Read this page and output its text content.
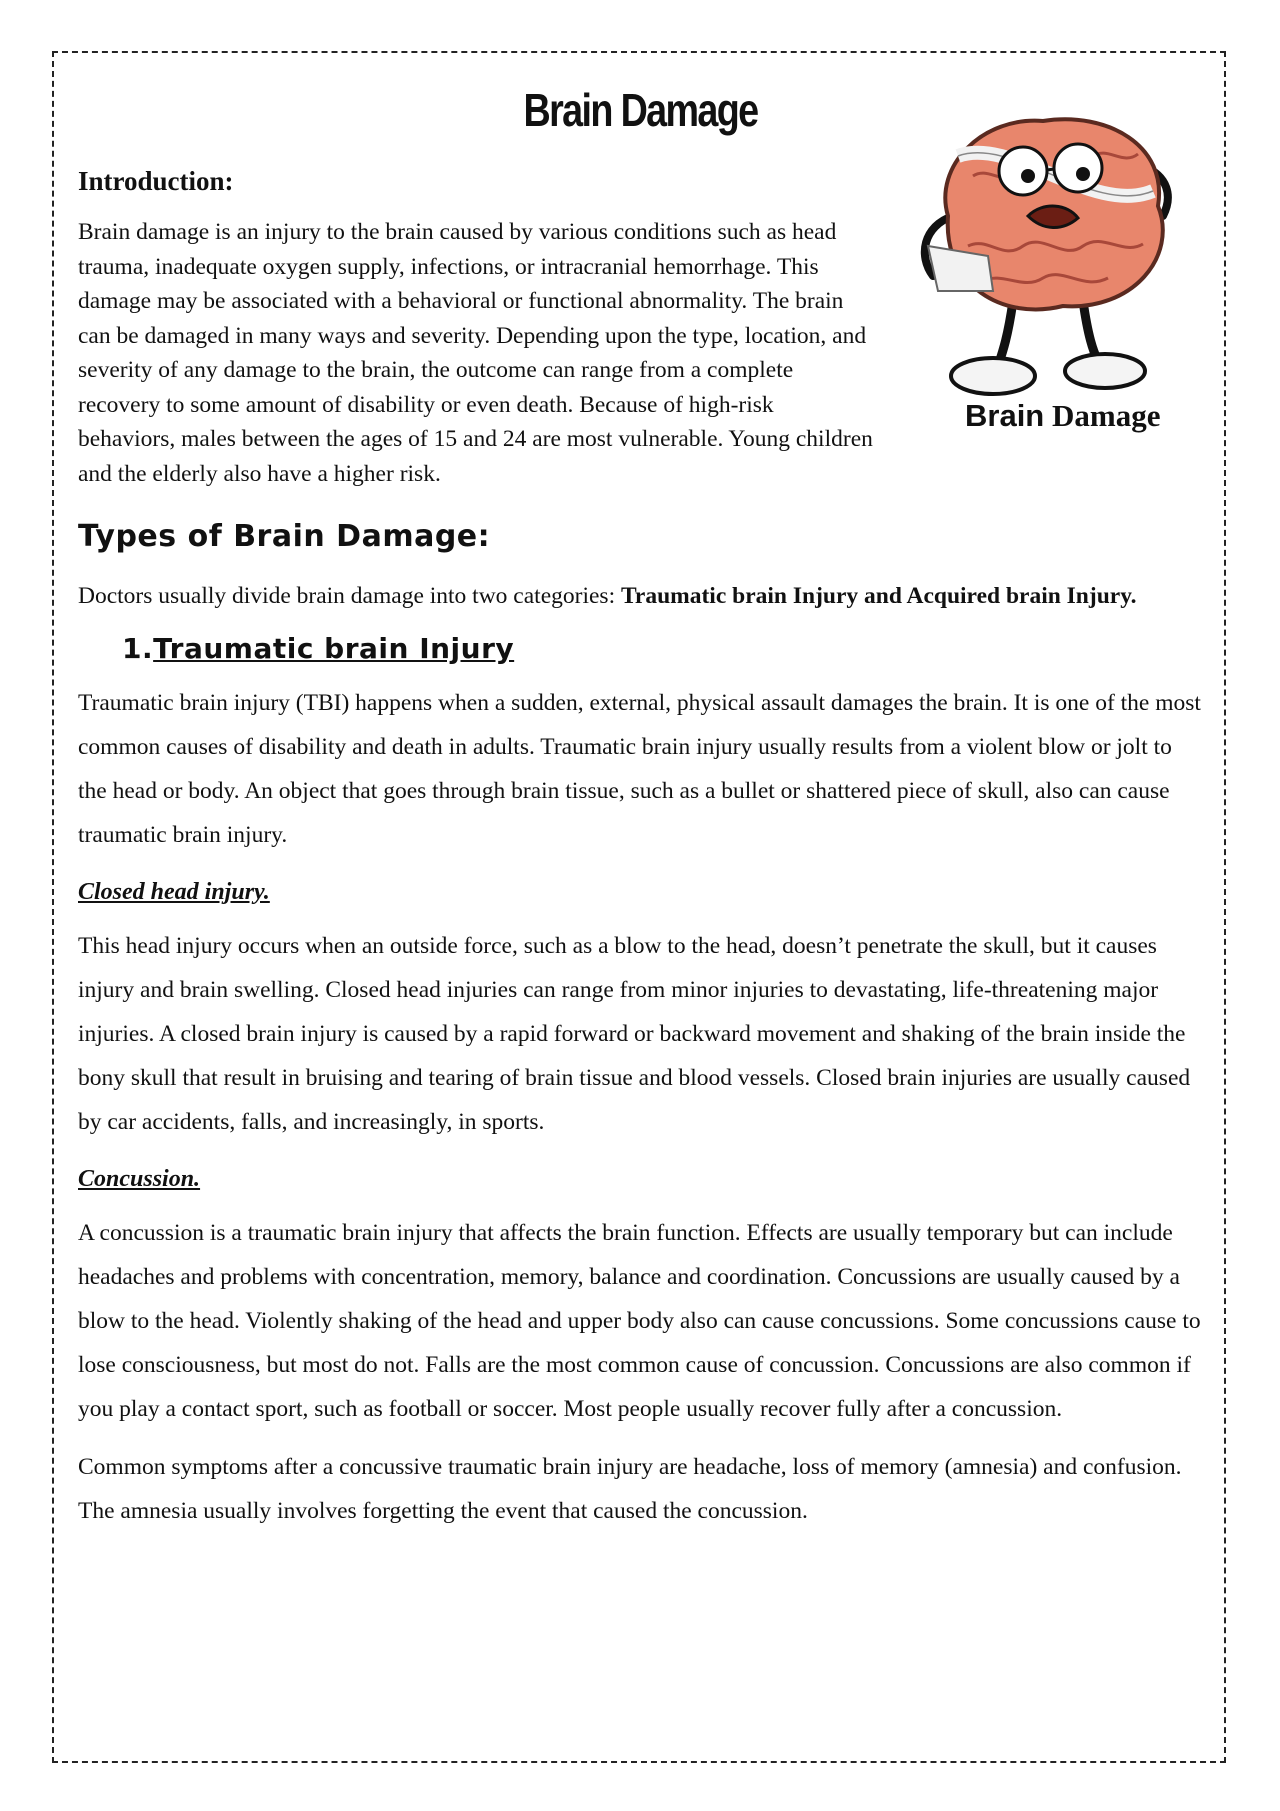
Brain Damage
Brain Damage
Introduction:

Brain damage is an injury to the brain caused by various conditions such as head trauma, inadequate oxygen supply, infections, or intracranial hemorrhage. This damage may be associated with a behavioral or functional abnormality. The brain can be damaged in many ways and severity. Depending upon the type, location, and severity of any damage to the brain, the outcome can range from a complete recovery to some amount of disability or even death. Because of high-risk behaviors, males between the ages of 15 and 24 are most vulnerable. Young children and the elderly also have a higher risk.

Types of Brain Damage:

Doctors usually divide brain damage into two categories: Traumatic brain Injury and Acquired brain Injury.

1.Traumatic brain Injury

Traumatic brain injury (TBI) happens when a sudden, external, physical assault damages the brain. It is one of the most common causes of disability and death in adults. Traumatic brain injury usually results from a violent blow or jolt to the head or body. An object that goes through brain tissue, such as a bullet or shattered piece of skull, also can cause traumatic brain injury.

Closed head injury.

This head injury occurs when an outside force, such as a blow to the head, doesn’t penetrate the skull, but it causes injury and brain swelling. Closed head injuries can range from minor injuries to devastating, life-threatening major injuries. A closed brain injury is caused by a rapid forward or backward movement and shaking of the brain inside the bony skull that result in bruising and tearing of brain tissue and blood vessels. Closed brain injuries are usually caused by car accidents, falls, and increasingly, in sports.

Concussion.

A concussion is a traumatic brain injury that affects the brain function. Effects are usually temporary but can include headaches and problems with concentration, memory, balance and coordination. Concussions are usually caused by a blow to the head. Violently shaking of the head and upper body also can cause concussions. Some concussions cause to lose consciousness, but most do not. Falls are the most common cause of concussion. Concussions are also common if you play a contact sport, such as football or soccer. Most people usually recover fully after a concussion.

Common symptoms after a concussive traumatic brain injury are headache, loss of memory (amnesia) and confusion. The amnesia usually involves forgetting the event that caused the concussion.
